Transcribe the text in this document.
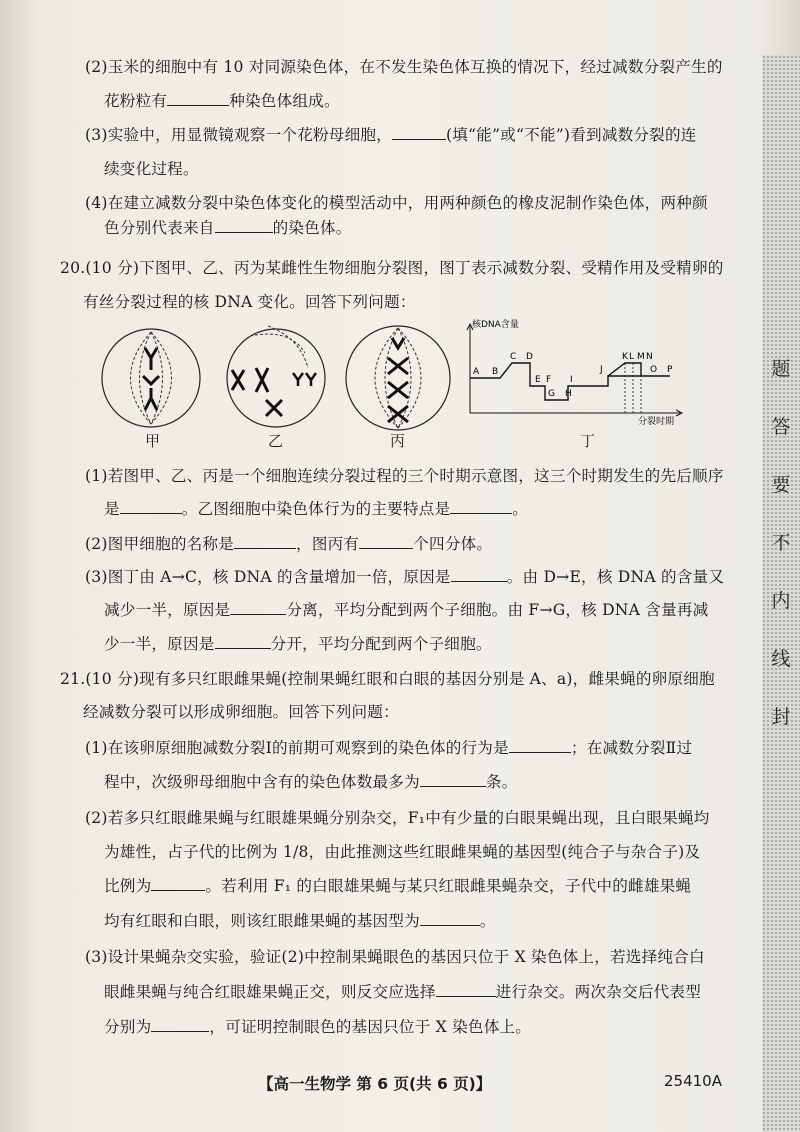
题
答
要
不
内
线
封
(2)玉米的细胞中有 10 对同源染色体，在不发生染色体互换的情况下，经过减数分裂产生的
花粉粒有	种染色体组成。
(3)实验中，用显微镜观察一个花粉母细胞，	(填“能”或“不能”)看到减数分裂的连
续变化过程。
(4)在建立减数分裂中染色体变化的模型活动中，用两种颜色的橡皮泥制作染色体，两种颜
色分别代表来自	的染色体。
20.(10 分)下图甲、乙、丙为某雌性生物细胞分裂图，图丁表示减数分裂、受精作用及受精卵的
有丝分裂过程的核 DNA 变化。回答下列问题：
核DNA含量
分裂时期
A B
C D
E F
G H
I
J
K L M N
O P
甲	乙	丙	丁
(1)若图甲、乙、丙是一个细胞连续分裂过程的三个时期示意图，这三个时期发生的先后顺序
是	。乙图细胞中染色体行为的主要特点是	。
(2)图甲细胞的名称是	，图丙有	个四分体。
(3)图丁由 A→C，核 DNA 的含量增加一倍，原因是	。由 D→E，核 DNA 的含量又
减少一半，原因是	分离，平均分配到两个子细胞。由 F→G，核 DNA 含量再减
少一半，原因是	分开，平均分配到两个子细胞。
21.(10 分)现有多只红眼雌果蝇(控制果蝇红眼和白眼的基因分别是 A、a)，雌果蝇的卵原细胞
经减数分裂可以形成卵细胞。回答下列问题：
(1)在该卵原细胞减数分裂Ⅰ的前期可观察到的染色体的行为是	；在减数分裂Ⅱ过
程中，次级卵母细胞中含有的染色体数最多为	条。
(2)若多只红眼雌果蝇与红眼雄果蝇分别杂交，F₁中有少量的白眼果蝇出现，且白眼果蝇均
为雄性，占子代的比例为 1/8，由此推测这些红眼雌果蝇的基因型(纯合子与杂合子)及
比例为	。若利用 F₁ 的白眼雄果蝇与某只红眼雌果蝇杂交，子代中的雌雄果蝇
均有红眼和白眼，则该红眼雌果蝇的基因型为	。
(3)设计果蝇杂交实验，验证(2)中控制果蝇眼色的基因只位于 X 染色体上，若选择纯合白
眼雌果蝇与纯合红眼雄果蝇正交，则反交应选择	进行杂交。两次杂交后代表型
分别为	，可证明控制眼色的基因只位于 X 染色体上。
【高一生物学 第 6 页(共 6 页)】	25410A
